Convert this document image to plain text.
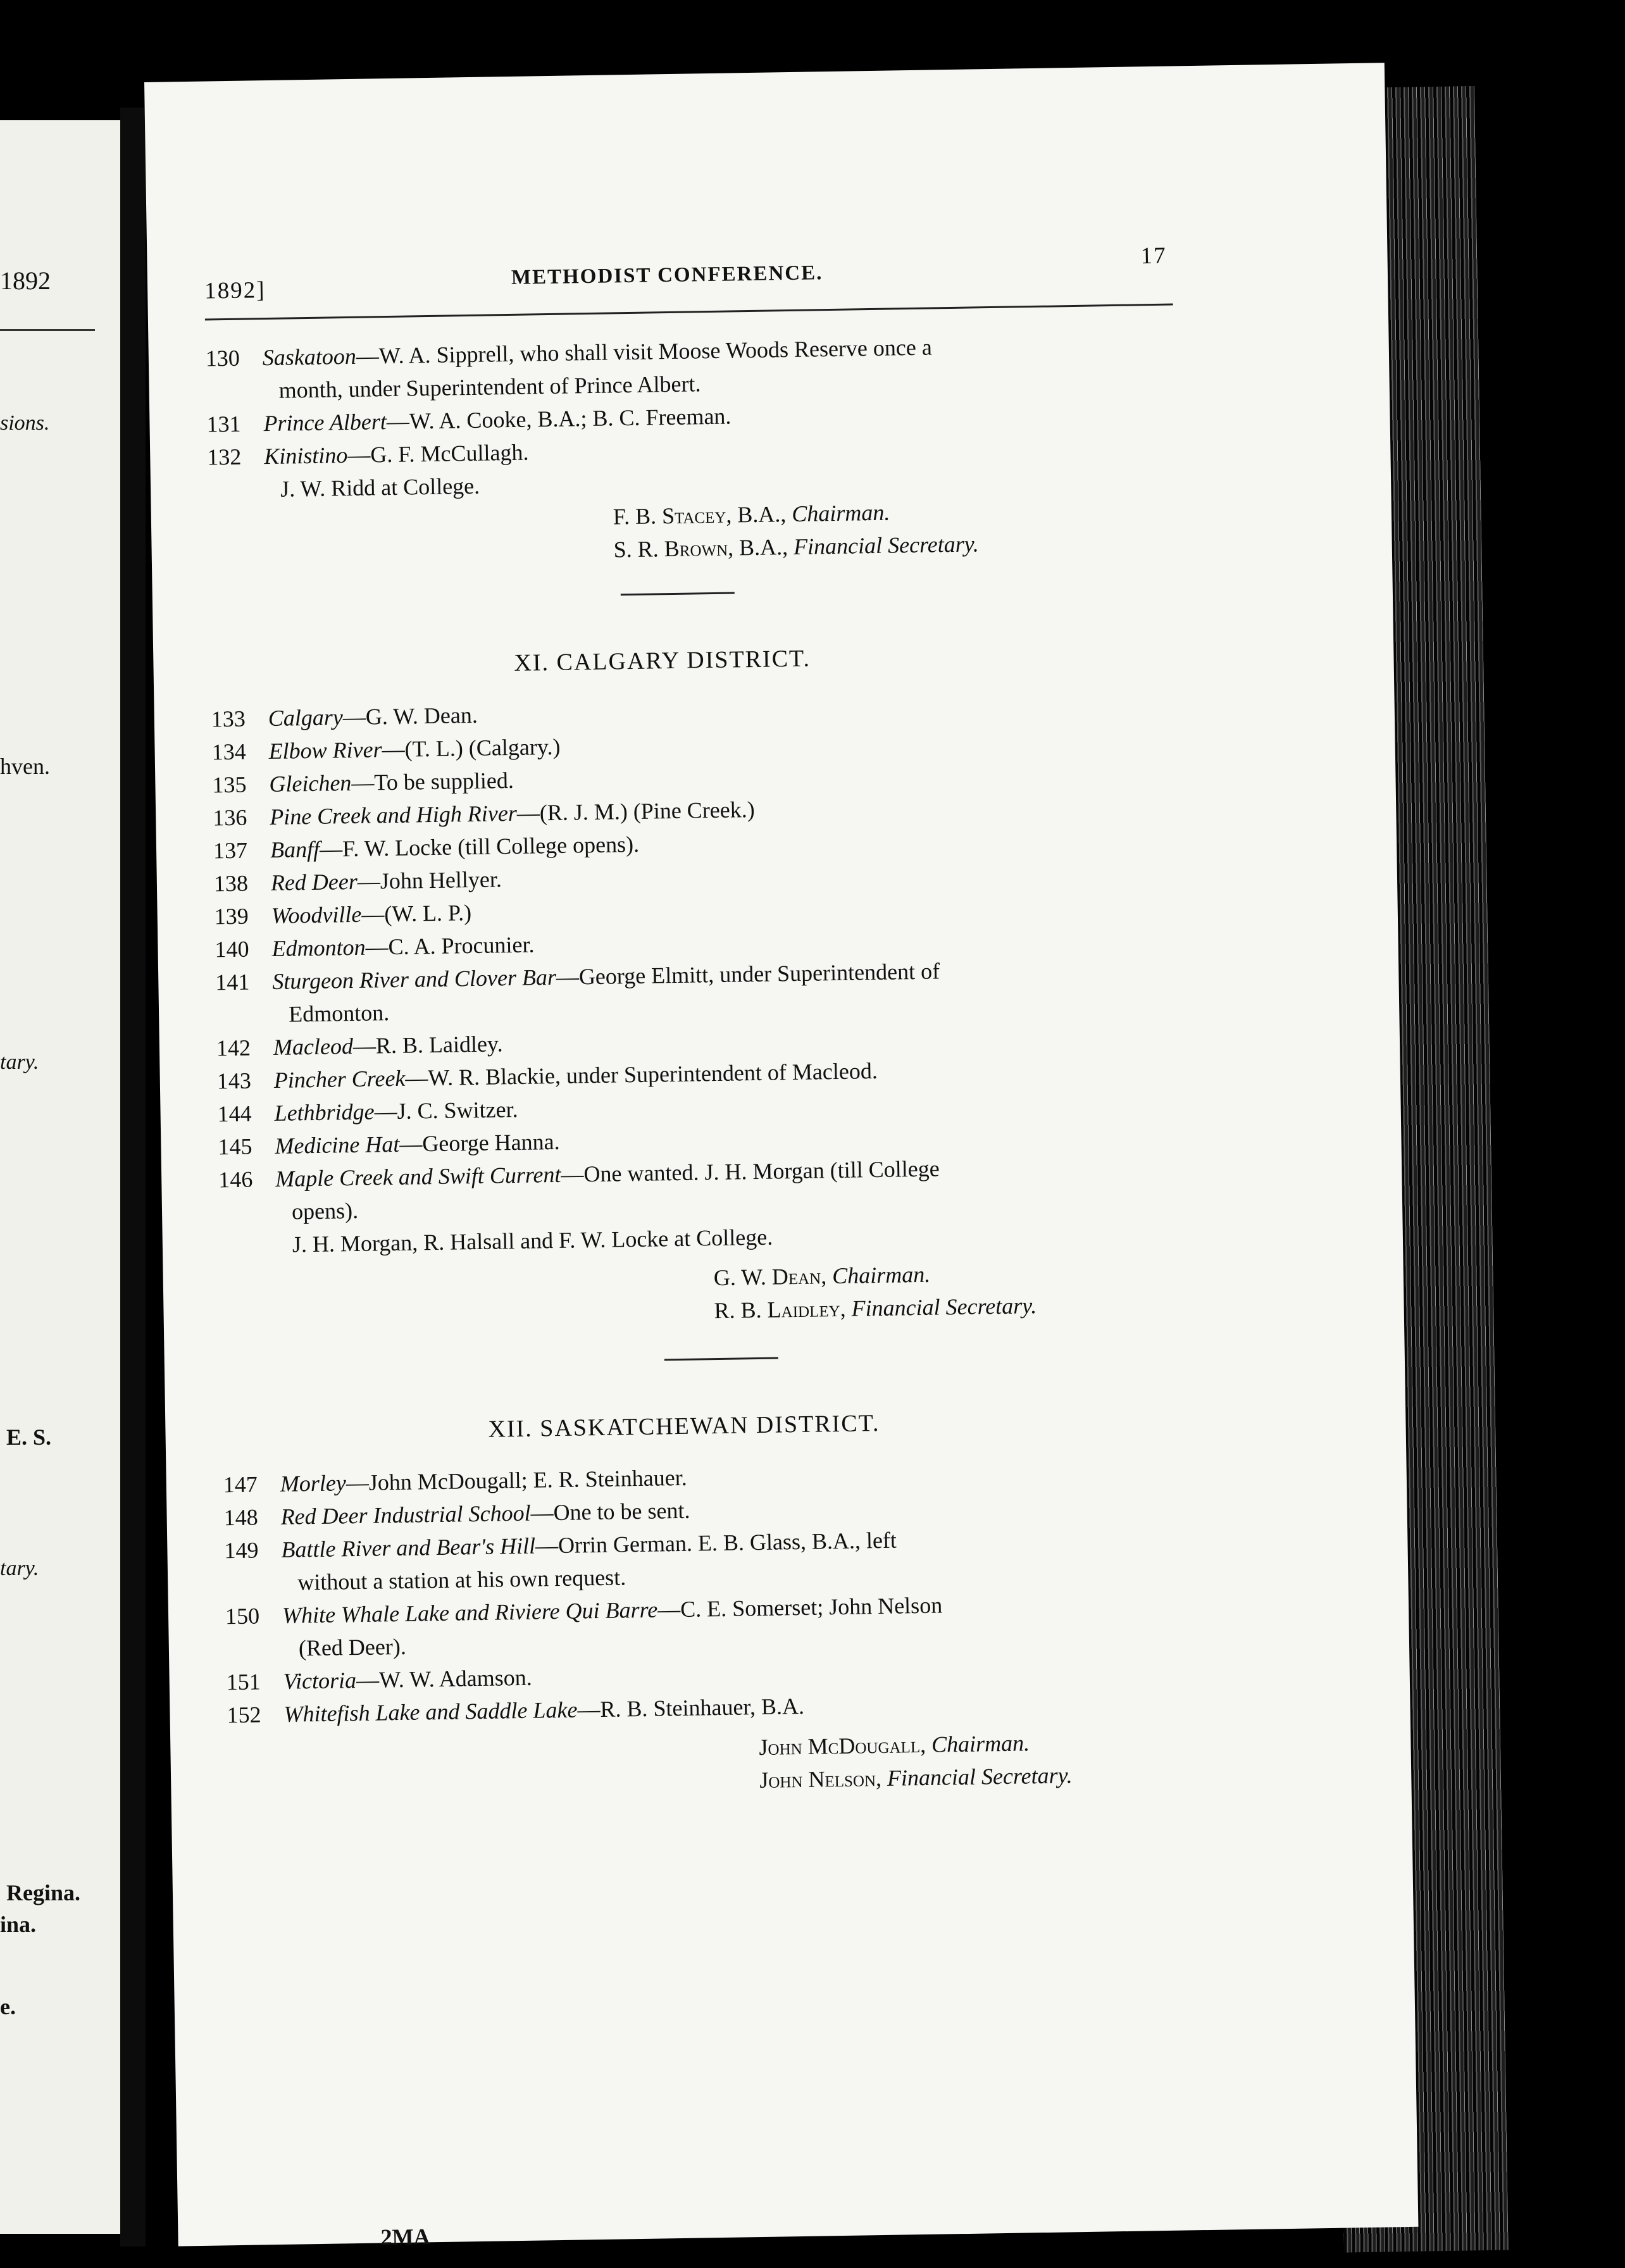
1892
sions.
hven.
tary.
E. S.
tary.
Regina.
ina.
e.
1892]
METHODIST CONFERENCE.
17
130 Saskatoon—W. A. Sipprell, who shall visit Moose Woods Reserve once a
month, under Superintendent of Prince Albert.
131 Prince Albert—W. A. Cooke, B.A.; B. C. Freeman.
132 Kinistino—G. F. McCullagh.
J. W. Ridd at College.
F. B. Stacey, B.A., Chairman.
S. R. Brown, B.A., Financial Secretary.
XI. CALGARY DISTRICT.
133 Calgary—G. W. Dean.
134 Elbow River—(T. L.) (Calgary.)
135 Gleichen—To be supplied.
136 Pine Creek and High River—(R. J. M.) (Pine Creek.)
137 Banff—F. W. Locke (till College opens).
138 Red Deer—John Hellyer.
139 Woodville—(W. L. P.)
140 Edmonton—C. A. Procunier.
141 Sturgeon River and Clover Bar—George Elmitt, under Superintendent of
Edmonton.
142 Macleod—R. B. Laidley.
143 Pincher Creek—W. R. Blackie, under Superintendent of Macleod.
144 Lethbridge—J. C. Switzer.
145 Medicine Hat—George Hanna.
146 Maple Creek and Swift Current—One wanted. J. H. Morgan (till College
opens).
J. H. Morgan, R. Halsall and F. W. Locke at College.
G. W. Dean, Chairman.
R. B. Laidley, Financial Secretary.
XII. SASKATCHEWAN DISTRICT.
147 Morley—John McDougall; E. R. Steinhauer.
148 Red Deer Industrial School—One to be sent.
149 Battle River and Bear's Hill—Orrin German. E. B. Glass, B.A., left
without a station at his own request.
150 White Whale Lake and Riviere Qui Barre—C. E. Somerset; John Nelson
(Red Deer).
151 Victoria—W. W. Adamson.
152 Whitefish Lake and Saddle Lake—R. B. Steinhauer, B.A.
John McDougall, Chairman.
John Nelson, Financial Secretary.
2MA
